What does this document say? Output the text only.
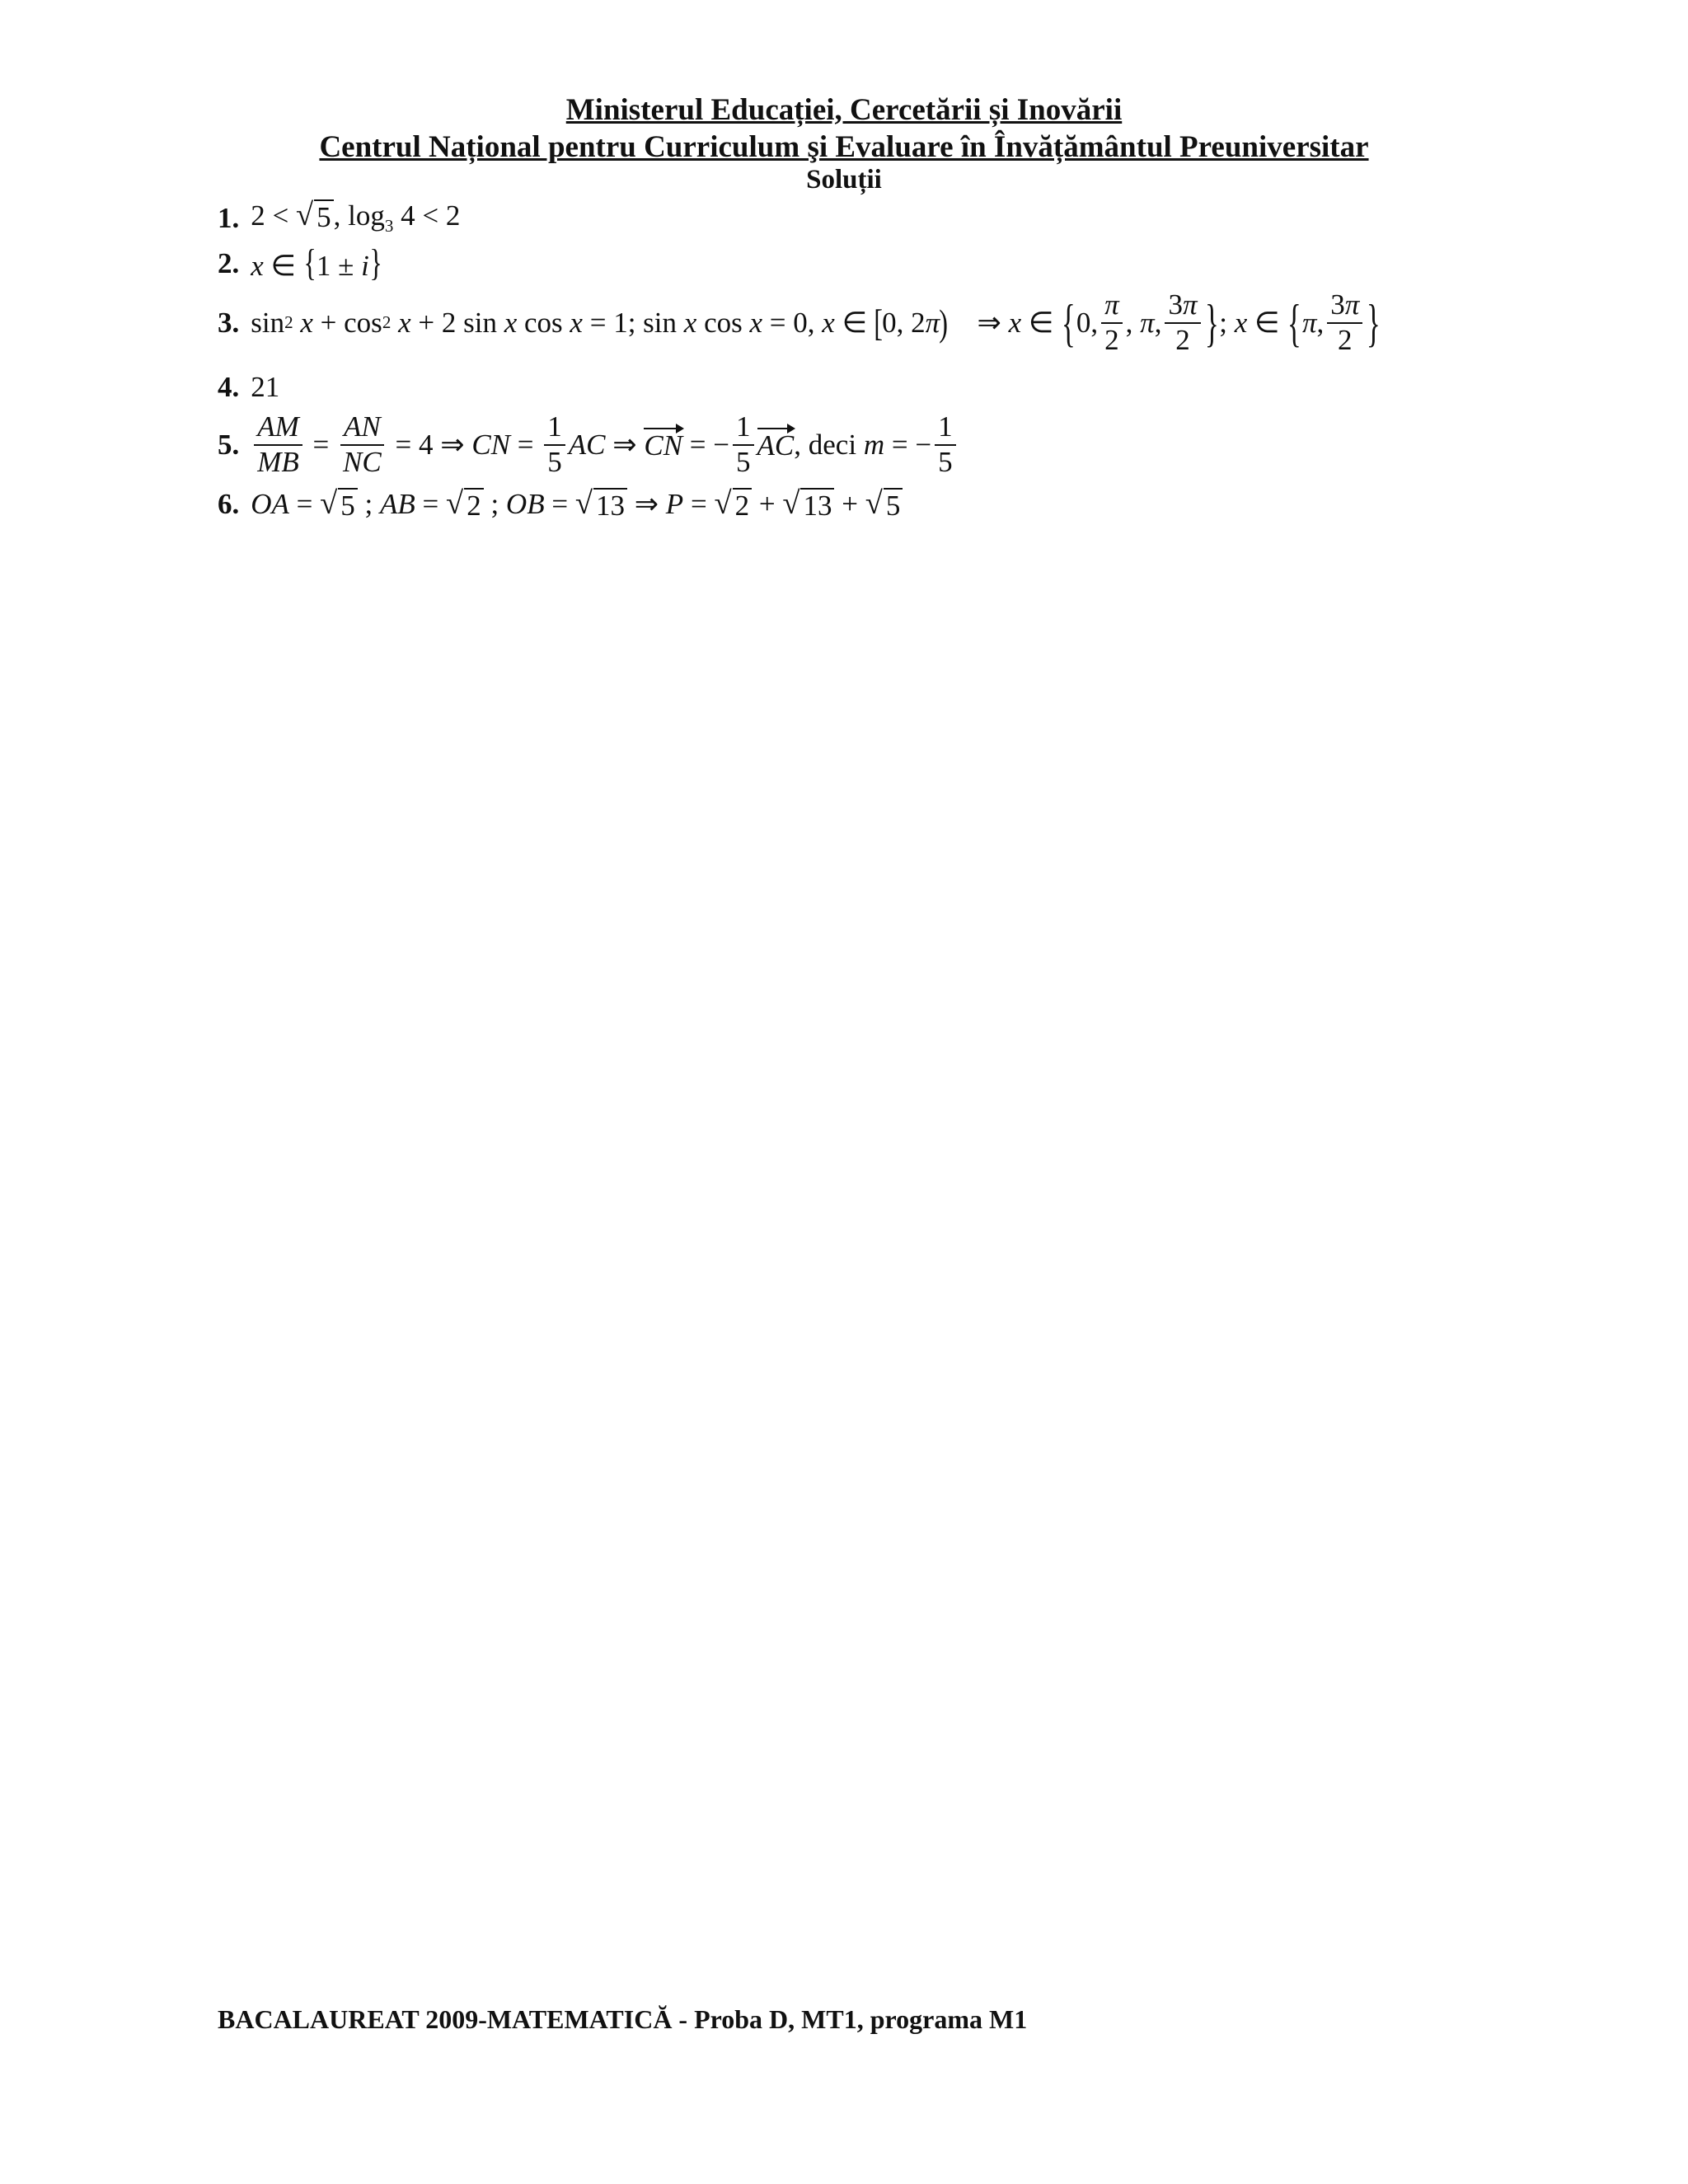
Ministerul Educației, Cercetării și Inovării
Centrul Național pentru Curriculum şi Evaluare în Învățământul Preuniversitar
Soluții
1. 2 < √ 5 , $\log_3 4 < 2$
2. x ∈ {1 ± i}
3. sin 2
x + cos 2
x + 2 sin x cos x = 1; sin x cos x = 0, x ∈ [ 0, 2 π ) ⇒ x ∈ { 0, $\frac{\pi}{2}$ , π , $\frac{3\pi}{2}$ } ; x ∈ { π , $\frac{3\pi}{2}$ }
4. 21
5. $\frac{AM}{MB} = \frac{AN}{NC} = 4$ ⇒ CN = $\frac{1}{5}$ AC ⇒ CN = − $\frac{1}{5}$ AC , deci
m = − $\frac{1}{5}$
6. OA = √ 5 ; AB = √ 2 ; OB = √ 13 ⇒ P = √ 2 + √ 13 + √ 5
BACALAUREAT 2009-MATEMATICĂ - Proba D, MT1, programa M1
